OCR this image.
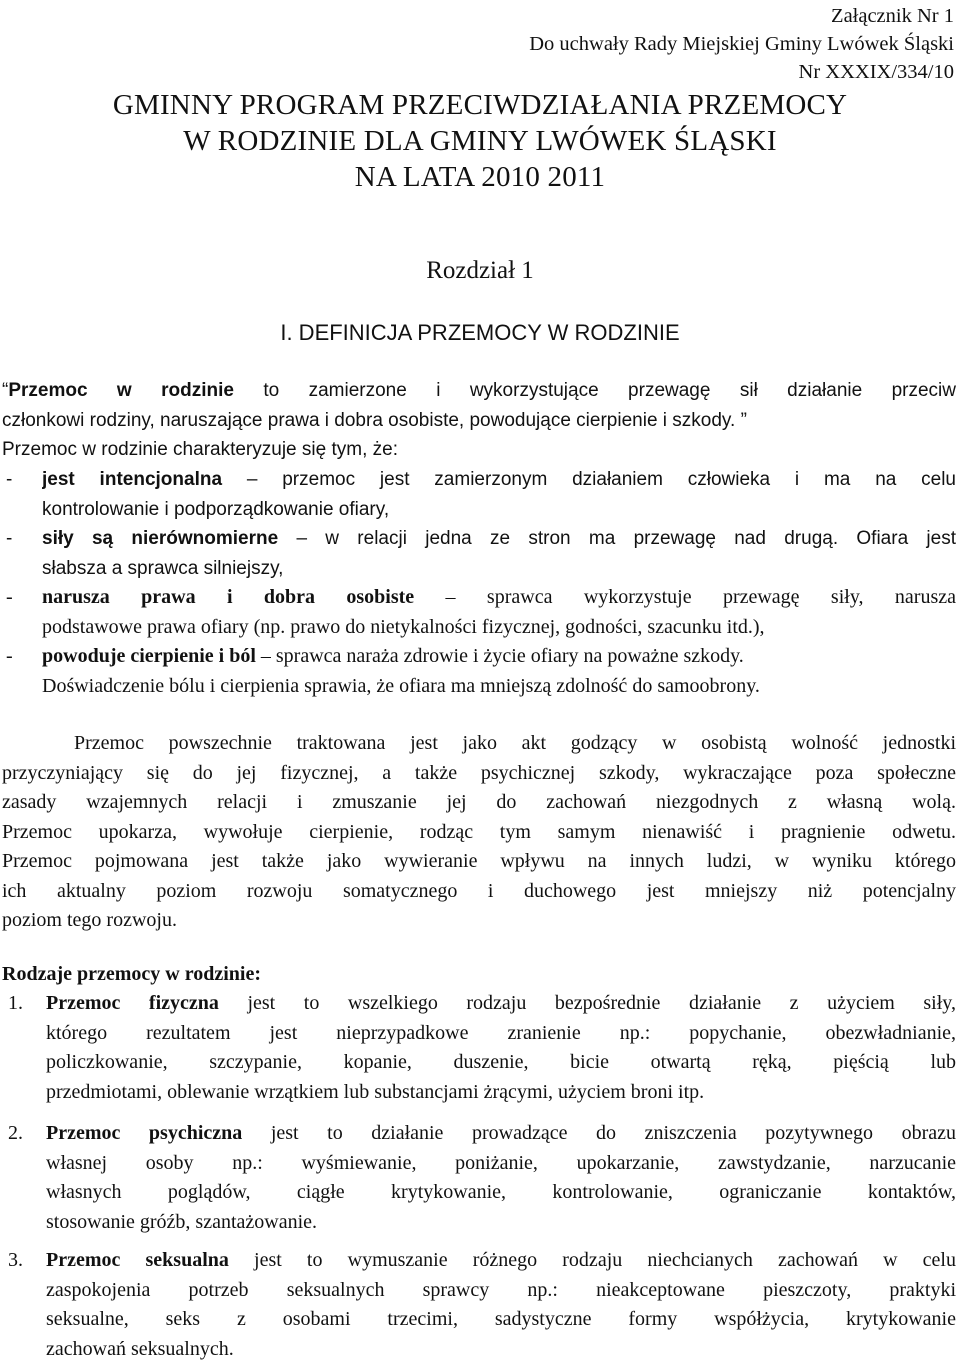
Załącznik Nr 1
Do uchwały Rady Miejskiej Gminy Lwówek Śląski
Nr XXXIX/334/10
GMINNY PROGRAM PRZECIWDZIAŁANIA PRZEMOCY
W RODZINIE DLA GMINY LWÓWEK ŚLĄSKI
NA LATA 2010 2011
Rozdział 1
I. DEFINICJA PRZEMOCY W RODZINIE
“Przemoc w rodzinie to zamierzone i wykorzystujące przewagę sił działanie przeciw
członkowi rodziny, naruszające prawa i dobra osobiste, powodujące cierpienie i szkody. ”
Przemoc w rodzinie charakteryzuje się tym, że:
- jest intencjonalna – przemoc jest zamierzonym działaniem człowieka i ma na celu
kontrolowanie i podporządkowanie ofiary,
- siły są nierównomierne – w relacji jedna ze stron ma przewagę nad drugą. Ofiara jest
słabsza a sprawca silniejszy,
- narusza prawa i dobra osobiste – sprawca wykorzystuje przewagę siły, narusza
podstawowe prawa ofiary (np. prawo do nietykalności fizycznej, godności, szacunku itd.),
- powoduje cierpienie i ból – sprawca naraża zdrowie i życie ofiary na poważne szkody.
Doświadczenie bólu i cierpienia sprawia, że ofiara ma mniejszą zdolność do samoobrony.
Przemoc powszechnie traktowana jest jako akt godzący w osobistą wolność jednostki
przyczyniający się do jej fizycznej, a także psychicznej szkody, wykraczające poza społeczne
zasady wzajemnych relacji i zmuszanie jej do zachowań niezgodnych z własną wolą.
Przemoc upokarza, wywołuje cierpienie, rodząc tym samym nienawiść i pragnienie odwetu.
Przemoc pojmowana jest także jako wywieranie wpływu na innych ludzi, w wyniku którego
ich aktualny poziom rozwoju somatycznego i duchowego jest mniejszy niż potencjalny
poziom tego rozwoju.
Rodzaje przemocy w rodzinie:
1. Przemoc fizyczna jest to wszelkiego rodzaju bezpośrednie działanie z użyciem siły,
którego rezultatem jest nieprzypadkowe zranienie np.: popychanie, obezwładnianie,
policzkowanie, szczypanie, kopanie, duszenie, bicie otwartą ręką, pięścią lub
przedmiotami, oblewanie wrzątkiem lub substancjami żrącymi, użyciem broni itp.
2. Przemoc psychiczna jest to działanie prowadzące do zniszczenia pozytywnego obrazu
własnej osoby np.: wyśmiewanie, poniżanie, upokarzanie, zawstydzanie, narzucanie
własnych poglądów, ciągłe krytykowanie, kontrolowanie, ograniczanie kontaktów,
stosowanie gróźb, szantażowanie.
3. Przemoc seksualna jest to wymuszanie różnego rodzaju niechcianych zachowań w celu
zaspokojenia potrzeb seksualnych sprawcy np.: nieakceptowane pieszczoty, praktyki
seksualne, seks z osobami trzecimi, sadystyczne formy współżycia, krytykowanie
zachowań seksualnych.
